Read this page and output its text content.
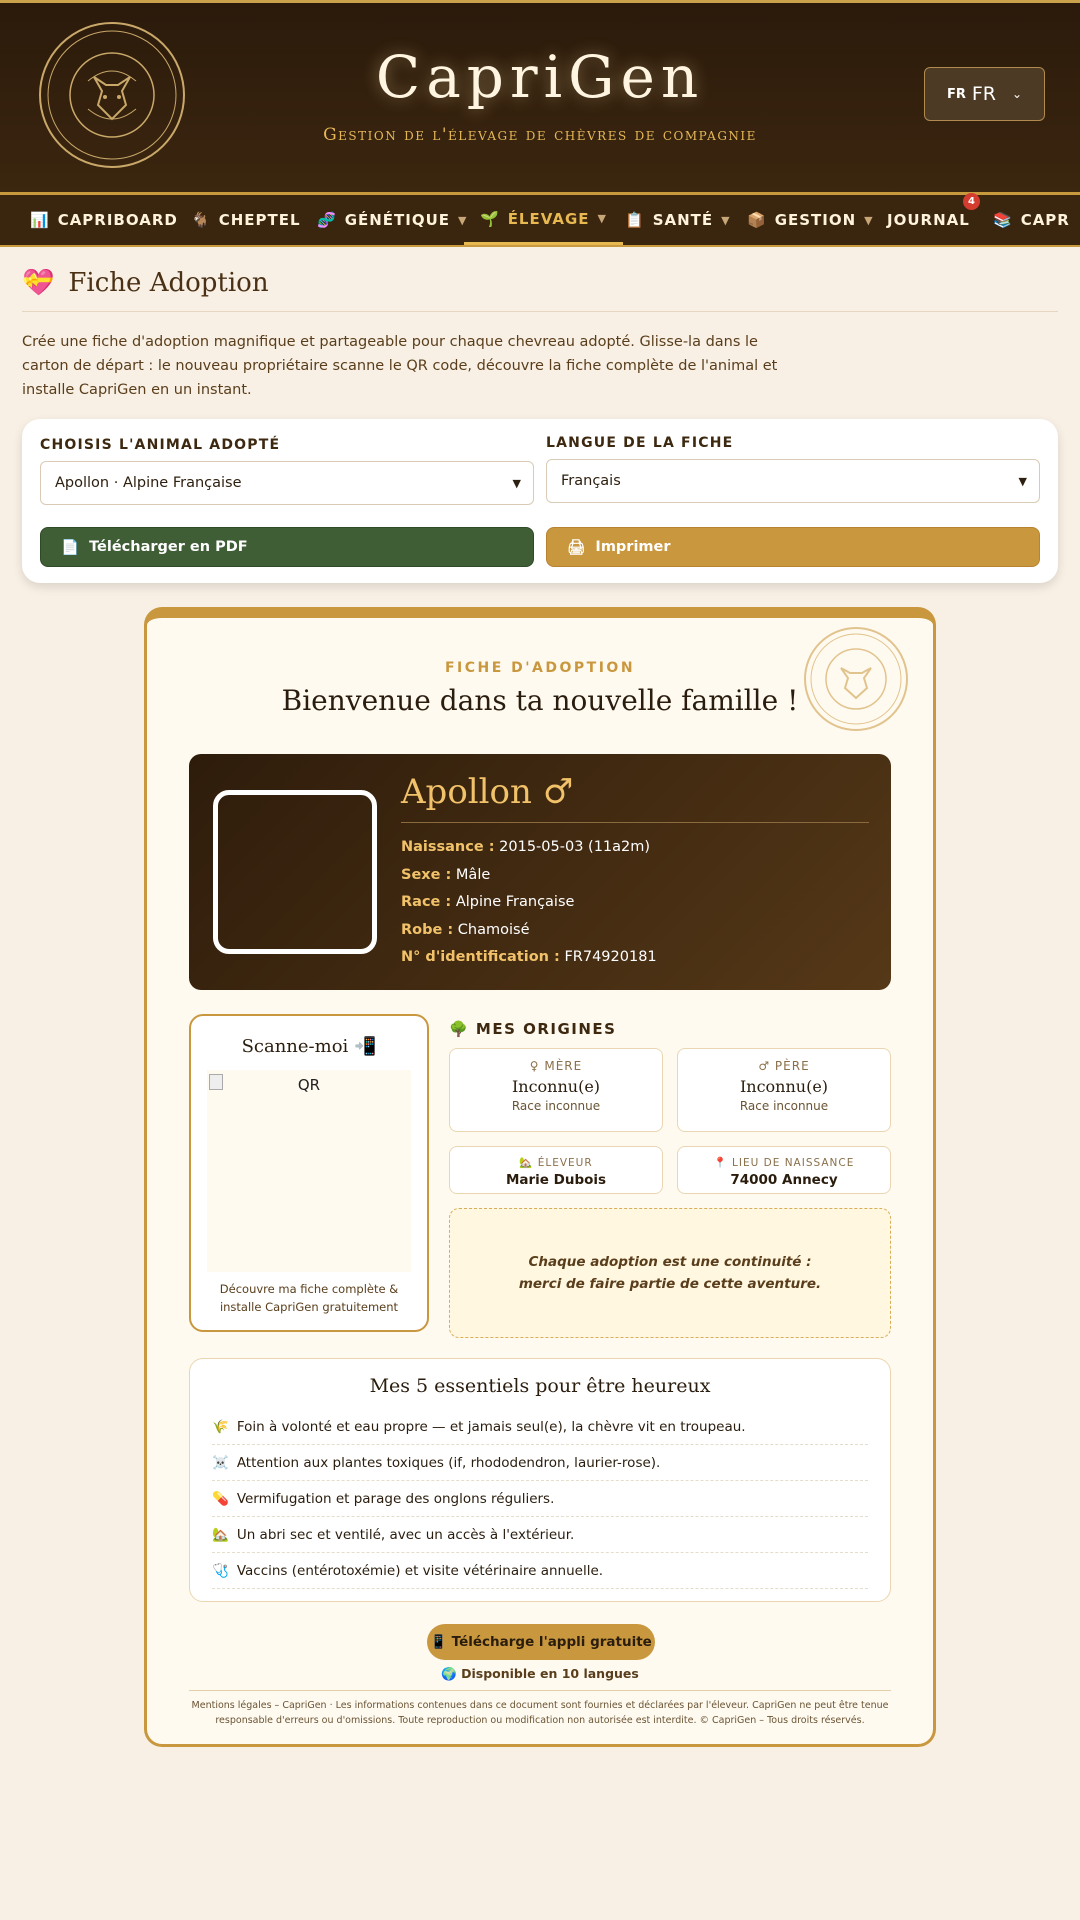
CapriGen
Gestion de l'élevage de chèvres de compagnie
FR FR ⌄
📊 CAPRIBOARD 🐐 CHEPTEL 🧬 GÉNÉTIQUE ▼ 🌱 ÉLEVAGE ▼ 📋 SANTÉ ▼ 📦 GESTION ▼ JOURNAL 📚 CAPR
4
💝 Fiche Adoption
Crée une fiche d'adoption magnifique et partageable pour chaque chevreau adopté. Glisse-la dans le carton de départ : le nouveau propriétaire scanne le QR code, découvre la fiche complète de l'animal et installe CapriGen en un instant.
CHOISIS L'ANIMAL ADOPTÉ
Apollon · Alpine Française	▼
LANGUE DE LA FICHE
Français	▼
📄 Télécharger en PDF	🖨 Imprimer
FICHE D'ADOPTION
Bienvenue dans ta nouvelle famille !
Apollon ♂
Naissance : 2015-05-03 (11a2m)
Sexe : Mâle
Race : Alpine Française
Robe : Chamoisé
N° d'identification : FR74920181
Scanne-moi 📲
QR
Découvre ma fiche complète & installe CapriGen gratuitement
🌳 MES ORIGINES
♀ MÈRE
Inconnu(e)
Race inconnue
♂ PÈRE
Inconnu(e)
Race inconnue
🏡 ÉLEVEUR
Marie Dubois
📍 LIEU DE NAISSANCE
74000 Annecy
Chaque adoption est une continuité :
merci de faire partie de cette aventure.
Mes 5 essentiels pour être heureux
🌾 Foin à volonté et eau propre — et jamais seul(e), la chèvre vit en troupeau.
☠️ Attention aux plantes toxiques (if, rhododendron, laurier-rose).
💊 Vermifugation et parage des onglons réguliers.
🏡 Un abri sec et ventilé, avec un accès à l'extérieur.
🩺 Vaccins (entérotoxémie) et visite vétérinaire annuelle.
📱 Télécharge l'appli gratuite
🌍 Disponible en 10 langues
Mentions légales – CapriGen · Les informations contenues dans ce document sont fournies et déclarées par l'éleveur. CapriGen ne peut être tenue responsable d'erreurs ou d'omissions. Toute reproduction ou modification non autorisée est interdite. © CapriGen – Tous droits réservés.
